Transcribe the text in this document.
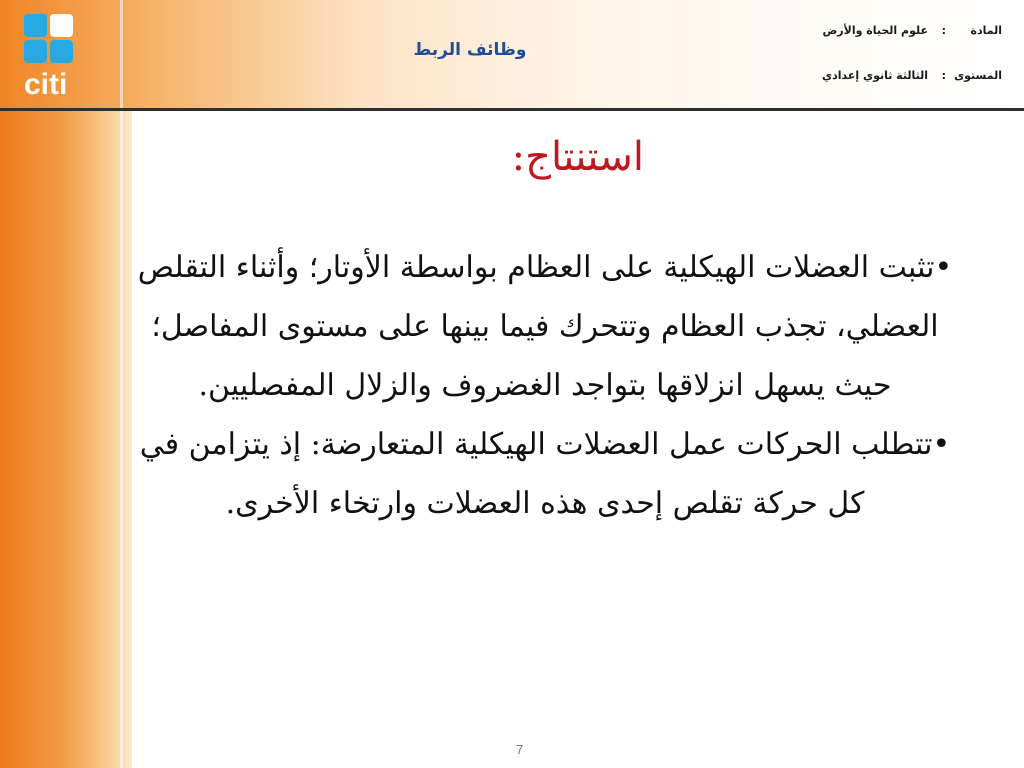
citi
وظائف الربط
المادة
:
علوم الحياة والأرض
المستوى
:
الثالثة ثانوي إعدادي
استنتاج:

•تثبت العضلات الهيكلية على العظام بواسطة الأوتار؛ وأثناء التقلص العضلي، تجذب العظام وتتحرك فيما بينها على مستوى المفاصل؛ حيث يسهل انزلاقها بتواجد الغضروف والزلال المفصليين.

•تتطلب الحركات عمل العضلات الهيكلية المتعارضة: إذ يتزامن في كل حركة تقلص إحدى هذه العضلات وارتخاء الأخرى.

7
